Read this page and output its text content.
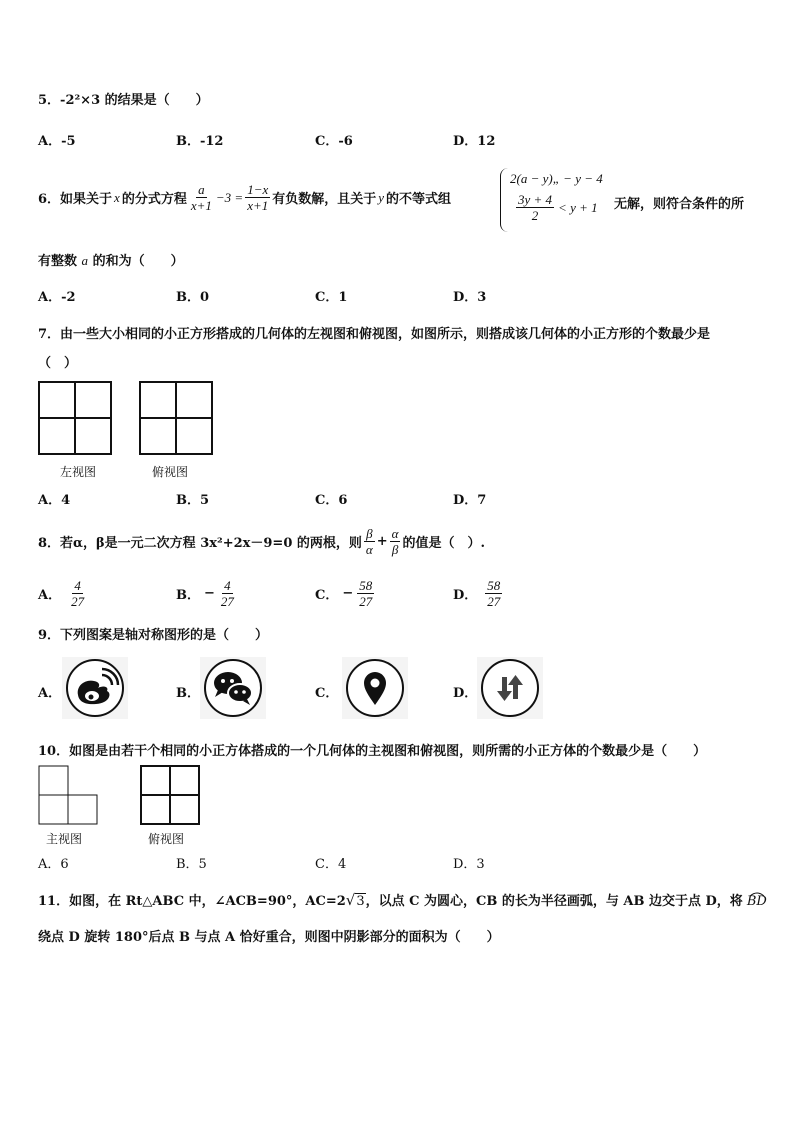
5．-2²×3 的结果是（　　）
A．-5	B．-12	C．-6	D．12
6．如果关于 x 的分式方程 $\frac{a}{x+1} -3 = \frac{1-x}{x+1}$ 有负数解，且关于 y 的不等式组
2(a − y)„ − y − 4
$\frac{3y + 4}{2} < y + 1$ 无解，则符合条件的所
有整数 a 的和为（　　）
A．-2	B．0	C．1	D．3
7．由一些大小相同的小正方形搭成的几何体的左视图和俯视图，如图所示，则搭成该几何体的小正方形的个数最少是
（　）
左视图	俯视图
A．4	B．5	C．6	D．7
8．若α，β是一元二次方程 3x²+2x－9=0 的两根，则 $\frac{\beta}{\alpha} + \frac{\alpha}{\beta}$ 的值是（　）.
A． $\frac{4}{27}$	B． − $\frac{4}{27}$	C． − $\frac{58}{27}$	D． $\frac{58}{27}$
9．下列图案是轴对称图形的是（　　）
A．	B．	C．	D．
10．如图是由若干个相同的小正方体搭成的一个几何体的主视图和俯视图，则所需的小正方体的个数最少是（　　）
主视图	俯视图
A．6	B．5	C．4	D．3
11．如图，在 Rt△ABC 中，∠ACB=90°，AC=2 √ 3 ，以点 C 为圆心，CB 的长为半径画弧，与 AB 边交于点 D，将 BD
绕点 D 旋转 180°后点 B 与点 A 恰好重合，则图中阴影部分的面积为（　　）
